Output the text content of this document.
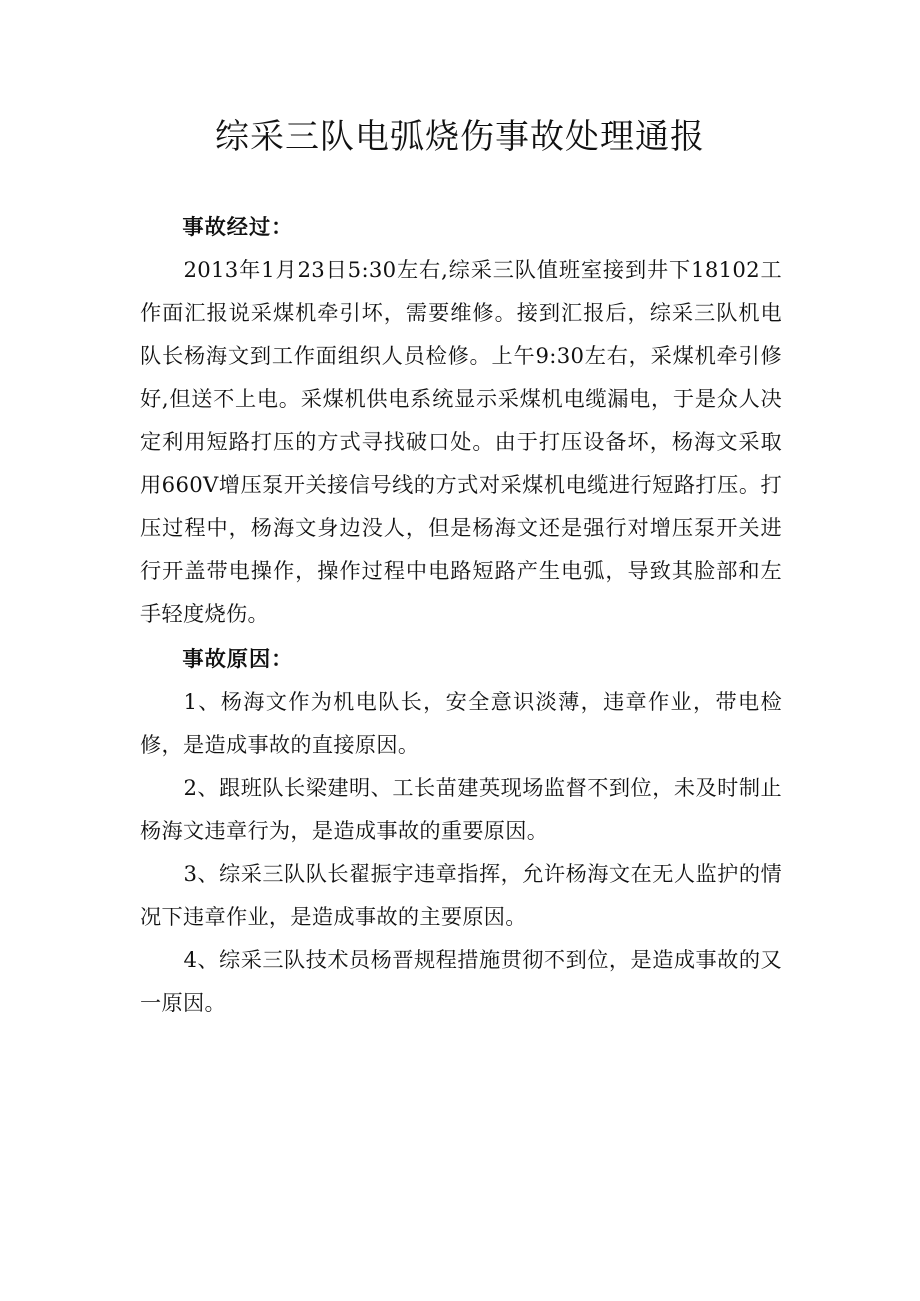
综采三队电弧烧伤事故处理通报

事故经过：

2013年1月23日5:30左右,综采三队值班室接到井下18102工作面汇报说采煤机牵引坏，需要维修。接到汇报后，综采三队机电队长杨海文到工作面组织人员检修。上午9:30左右，采煤机牵引修好,但送不上电。采煤机供电系统显示采煤机电缆漏电，于是众人决定利用短路打压的方式寻找破口处。由于打压设备坏，杨海文采取用660V增压泵开关接信号线的方式对采煤机电缆进行短路打压。打压过程中，杨海文身边没人，但是杨海文还是强行对增压泵开关进行开盖带电操作，操作过程中电路短路产生电弧，导致其脸部和左手轻度烧伤。

事故原因：

1、杨海文作为机电队长，安全意识淡薄，违章作业，带电检修，是造成事故的直接原因。

2、跟班队长梁建明、工长苗建英现场监督不到位，未及时制止杨海文违章行为，是造成事故的重要原因。

3、综采三队队长翟振宇违章指挥，允许杨海文在无人监护的情况下违章作业，是造成事故的主要原因。

4、综采三队技术员杨晋规程措施贯彻不到位，是造成事故的又一原因。
